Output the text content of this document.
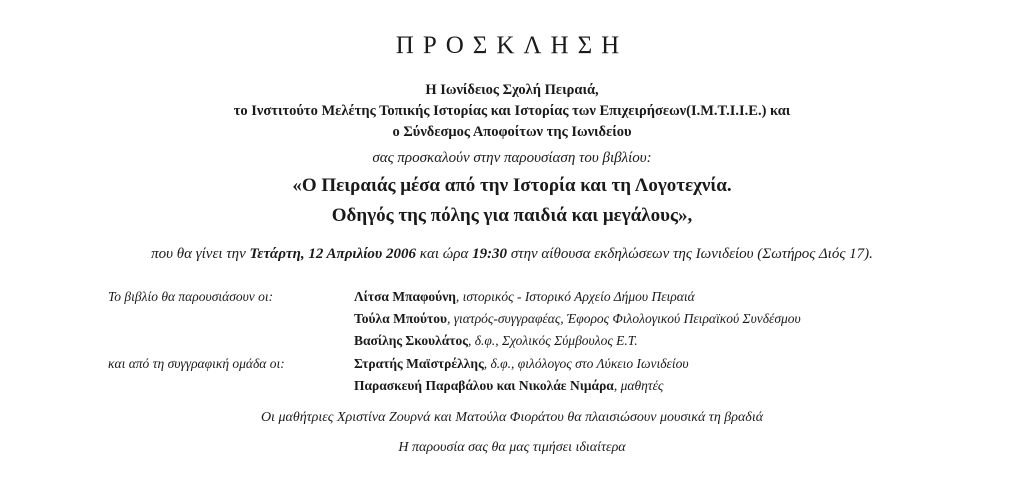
ΠΡΟΣΚΛΗΣΗ
Η Ιωνίδειος Σχολή Πειραιά,
το Ινστιτούτο Μελέτης Τοπικής Ιστορίας και Ιστορίας των Επιχειρήσεων(Ι.Μ.Τ.Ι.Ι.Ε.) και
ο Σύνδεσμος Αποφοίτων της Ιωνιδείου
σας προσκαλούν στην παρουσίαση του βιβλίου:
«Ο Πειραιάς μέσα από την Ιστορία και τη Λογοτεχνία.
Οδηγός της πόλης για παιδιά και μεγάλους»,
που θα γίνει την Τετάρτη, 12 Απριλίου 2006 και ώρα 19:30 στην αίθουσα εκδηλώσεων της Ιωνιδείου (Σωτήρος Διός 17).
Το βιβλίο θα παρουσιάσουν οι:
και από τη συγγραφική ομάδα οι:
Λίτσα Μπαφούνη, ιστορικός - Ιστορικό Αρχείο Δήμου Πειραιά
Τούλα Μπούτου, γιατρός-συγγραφέας, Έφορος Φιλολογικού Πειραϊκού Συνδέσμου
Βασίλης Σκουλάτος, δ.φ., Σχολικός Σύμβουλος Ε.Τ.
Στρατής Μαϊστρέλλης, δ.φ., φιλόλογος στο Λύκειο Ιωνιδείου
Παρασκευή Παραβάλου και Νικολάε Νιμάρα, μαθητές
Οι μαθήτριες Χριστίνα Ζουρνά και Ματούλα Φιοράτου θα πλαισιώσουν μουσικά τη βραδιά
Η παρουσία σας θα μας τιμήσει ιδιαίτερα
